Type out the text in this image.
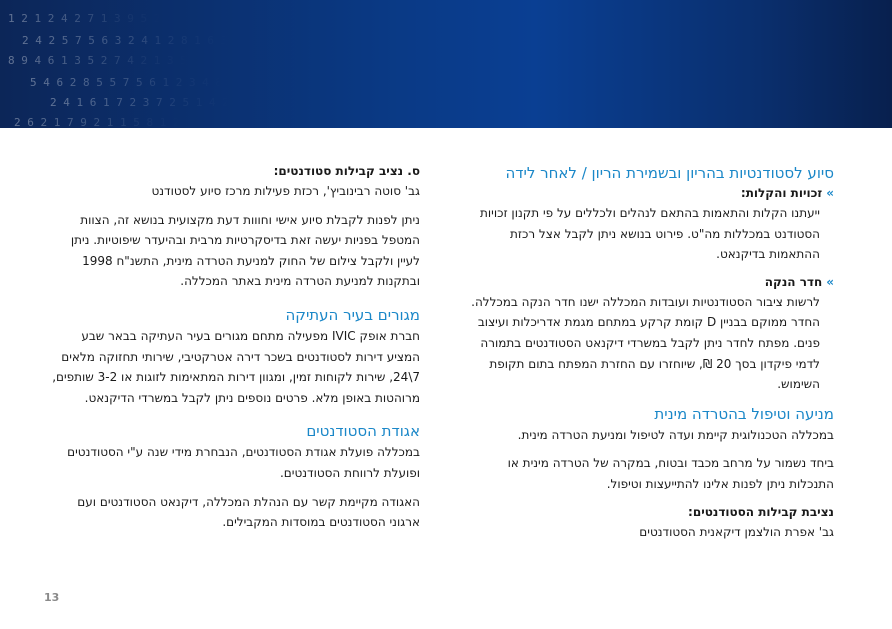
1 2 1 2 4 2 7 1 3 9 5 2
2 4 2 5 7 5 6 3 2 4 1 2 8 1 6 3
8 9 4 6 1 3 5 2 7 4 2 1 3 5
5 4 6 2 8 5 5 7 5 6 1 2 3 4 8
2 4 1 6 1 7 2 3 7 2 5 1 4 2
2 6 2 1 7 9 2 1 1 5 8 1 2
סיוע לסטודנטיות בהריון ובשמירת הריון / לאחר לידה
»זכויות והקלות:
ייעתנו הקלות והתאמות בהתאם לנהלים ולכללים על פי תקנון זכויות הסטודנט במכללות מה"ט. פירוט בנושא ניתן לקבל אצל רכזת ההתאמות בדיקנאט.
»חדר הנקה
לרשות ציבור הסטודנטיות ועובדות המכללה ישנו חדר הנקה במכללה. החדר ממוקם בבניין D קומת קרקע במתחם מגמת אדריכלות ועיצוב פנים. מפתח לחדר ניתן לקבל במשרדי דיקנאט הסטודנטים בתמורה לדמי פיקדון בסך 20 ₪, שיוחזרו עם החזרת המפתח בתום תקופת השימוש.
מניעה וטיפול בהטרדה מינית
במכללה הטכנולוגית קיימת ועדה לטיפול ומניעת הטרדה מינית.
ביחד נשמור על מרחב מכבד ובטוח, במקרה של הטרדה מינית או התנכלות ניתן לפנות אלינו להתייעצות וטיפול.
נציבת קבילות הסטודנטים:
גב' אפרת הולצמן דיקאנית הסטודנטים
ס. נציב קבילות סטודנטים:
גב' סוטה רבינוביץ', רכזת פעילות מרכז סיוע לסטודנט
ניתן לפנות לקבלת סיוע אישי וחווות דעת מקצועית בנושא זה, הצוות המטפל בפניות יעשה זאת בדיסקרטיות מרבית ובהיעדר שיפוטיות. ניתן לעיין ולקבל צילום של החוק למניעת הטרדה מינית, התשנ"ח 1998 ובתקנות למניעת הטרדה מינית באתר המכללה.
מגורים בעיר העתיקה
חברת אופק IVIC מפעילה מתחם מגורים בעיר העתיקה בבאר שבע המציע דירות לסטודנטים בשכר דירה אטרקטיבי, שירותי תחזוקה מלאים 7\24, שירות לקוחות זמין, ומגוון דירות המתאימות לזוגות או 3-2 שותפים, מרוהטות באופן מלא. פרטים נוספים ניתן לקבל במשרדי הדיקנאט.
אגודת הסטודנטים
במכללה פועלת אגודת הסטודנטים, הנבחרת מידי שנה ע"י הסטודנטים ופועלת לרווחת הסטודנטים.
האגודה מקיימת קשר עם הנהלת המכללה, דיקנאט הסטודנטים ועם ארגוני הסטודנטים במוסדות המקבילים.
13
